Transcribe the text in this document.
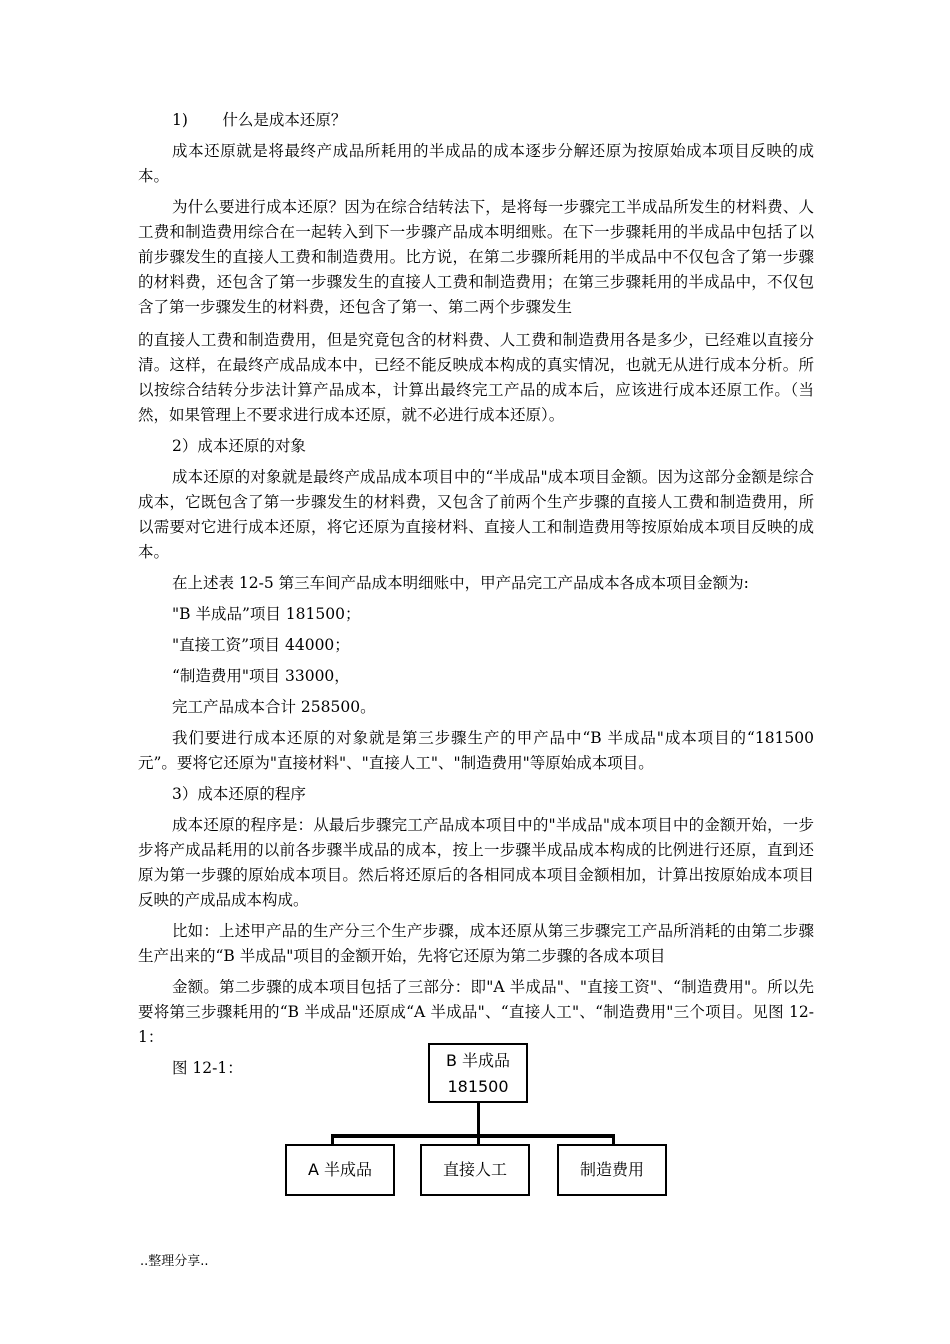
1)       什么是成本还原？

成本还原就是将最终产成品所耗用的半成品的成本逐步分解还原为按原始成本项目反映的成本。

为什么要进行成本还原？因为在综合结转法下，是将每一步骤完工半成品所发生的材料费、人工费和制造费用综合在一起转入到下一步骤产品成本明细账。在下一步骤耗用的半成品中包括了以前步骤发生的直接人工费和制造费用。比方说，在第二步骤所耗用的半成品中不仅包含了第一步骤的材料费，还包含了第一步骤发生的直接人工费和制造费用；在第三步骤耗用的半成品中，不仅包含了第一步骤发生的材料费，还包含了第一、第二两个步骤发生

的直接人工费和制造费用，但是究竟包含的材料费、人工费和制造费用各是多少，已经难以直接分清。这样，在最终产成品成本中，已经不能反映成本构成的真实情况，也就无从进行成本分析。所以按综合结转分步法计算产品成本，计算出最终完工产品的成本后，应该进行成本还原工作。（当然，如果管理上不要求进行成本还原，就不必进行成本还原）。

2）成本还原的对象

成本还原的对象就是最终产成品成本项目中的“半成品"成本项目金额。因为这部分金额是综合成本，它既包含了第一步骤发生的材料费，又包含了前两个生产步骤的直接人工费和制造费用，所以需要对它进行成本还原，将它还原为直接材料、直接人工和制造费用等按原始成本项目反映的成本。

在上述表 12-5 第三车间产品成本明细账中，甲产品完工产品成本各成本项目金额为:

"B 半成品”项目 181500；

"直接工资”项目 44000；

“制造费用"项目 33000，

完工产品成本合计 258500。

我们要进行成本还原的对象就是第三步骤生产的甲产品中“B 半成品"成本项目的“181500 元”。要将它还原为"直接材料"、"直接人工"、"制造费用"等原始成本项目。

3）成本还原的程序

成本还原的程序是：从最后步骤完工产品成本项目中的"半成品"成本项目中的金额开始，一步步将产成品耗用的以前各步骤半成品的成本，按上一步骤半成品成本构成的比例进行还原，直到还原为第一步骤的原始成本项目。然后将还原后的各相同成本项目金额相加，计算出按原始成本项目反映的产成品成本构成。

比如：上述甲产品的生产分三个生产步骤，成本还原从第三步骤完工产品所消耗的由第二步骤生产出来的“B 半成品"项目的金额开始，先将它还原为第二步骤的各成本项目

金额。第二步骤的成本项目包括了三部分：即"A 半成品"、"直接工资"、“制造费用"。所以先要将第三步骤耗用的“B 半成品"还原成“A 半成品"、“直接人工"、“制造费用"三个项目。见图 12-1：

图 12-1：	B 半成品
181500
A 半成品	直接人工	制造费用
..整理分享..
